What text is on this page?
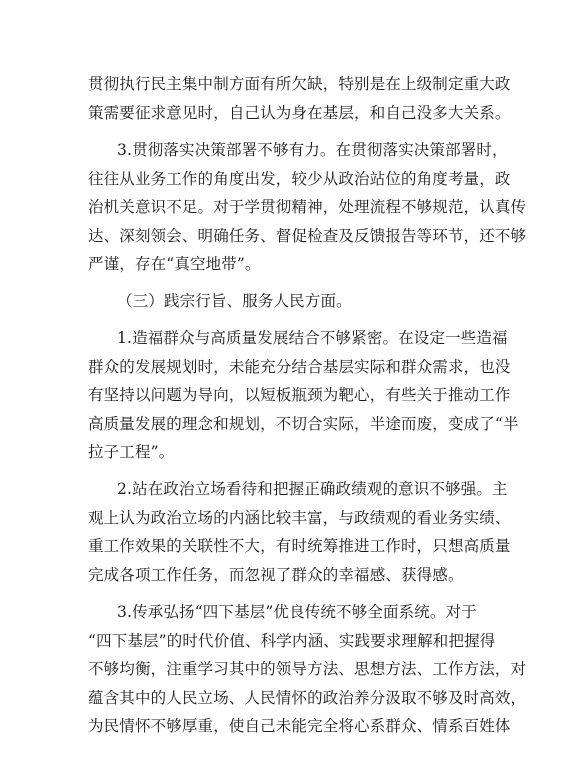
贯彻执行民主集中制方面有所欠缺，特别是在上级制定重大政
策需要征求意见时，自己认为身在基层，和自己没多大关系。
3.贯彻落实决策部署不够有力。在贯彻落实决策部署时，
往往从业务工作的角度出发，较少从政治站位的角度考量，政
治机关意识不足。对于学贯彻精神，处理流程不够规范，认真传
达、深刻领会、明确任务、督促检查及反馈报告等环节，还不够
严谨，存在“真空地带”。
（三）践宗行旨、服务人民方面。
1.造福群众与高质量发展结合不够紧密。在设定一些造福
群众的发展规划时，未能充分结合基层实际和群众需求，也没
有坚持以问题为导向，以短板瓶颈为靶心，有些关于推动工作
高质量发展的理念和规划，不切合实际，半途而废，变成了“半
拉子工程”。
2.站在政治立场看待和把握正确政绩观的意识不够强。主
观上认为政治立场的内涵比较丰富，与政绩观的看业务实绩、
重工作效果的关联性不大，有时统筹推进工作时，只想高质量
完成各项工作任务，而忽视了群众的幸福感、获得感。
3.传承弘扬“四下基层”优良传统不够全面系统。对于
“四下基层”的时代价值、科学内涵、实践要求理解和把握得
不够均衡，注重学习其中的领导方法、思想方法、工作方法，对
蕴含其中的人民立场、人民情怀的政治养分汲取不够及时高效，
为民情怀不够厚重，使自己未能完全将心系群众、情系百姓体
